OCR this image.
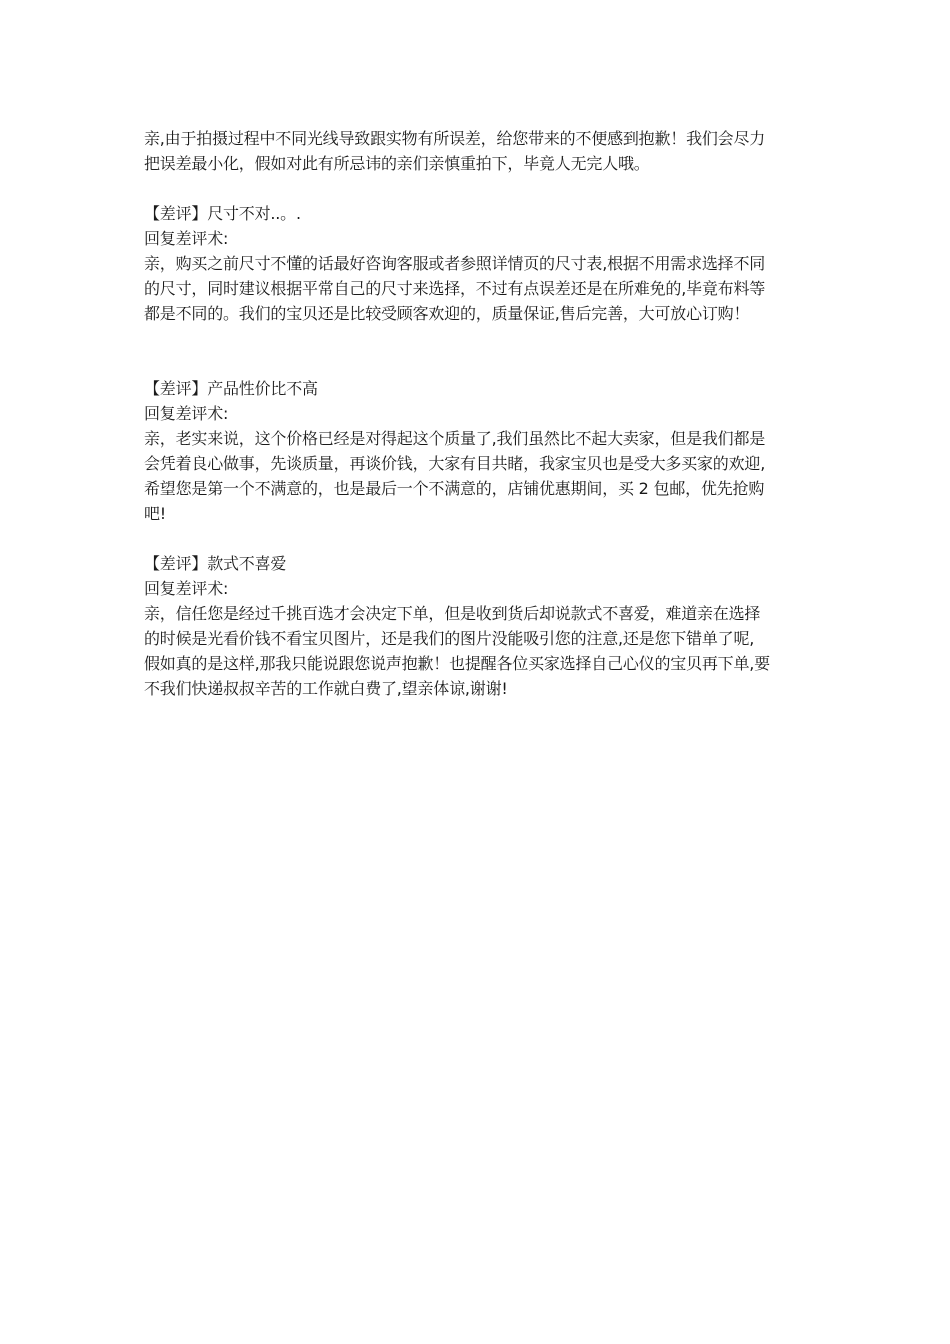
亲,由于拍摄过程中不同光线导致跟实物有所误差，给您带来的不便感到抱歉！我们会尽力
把误差最小化，假如对此有所忌讳的亲们亲慎重拍下，毕竟人无完人哦。
【差评】尺寸不对..。.
回复差评术:
亲，购买之前尺寸不懂的话最好咨询客服或者参照详情页的尺寸表,根据不用需求选择不同
的尺寸，同时建议根据平常自己的尺寸来选择，不过有点误差还是在所难免的,毕竟布料等
都是不同的。我们的宝贝还是比较受顾客欢迎的，质量保证,售后完善，大可放心订购！
【差评】产品性价比不高
回复差评术:
亲，老实来说，这个价格已经是对得起这个质量了,我们虽然比不起大卖家，但是我们都是
会凭着良心做事，先谈质量，再谈价钱，大家有目共睹，我家宝贝也是受大多买家的欢迎,
希望您是第一个不满意的，也是最后一个不满意的，店铺优惠期间，买 2 包邮，优先抢购
吧!
【差评】款式不喜爱
回复差评术:
亲，信任您是经过千挑百选才会决定下单，但是收到货后却说款式不喜爱，难道亲在选择
的时候是光看价钱不看宝贝图片，还是我们的图片没能吸引您的注意,还是您下错单了呢,
假如真的是这样,那我只能说跟您说声抱歉！也提醒各位买家选择自己心仪的宝贝再下单,要
不我们快递叔叔辛苦的工作就白费了,望亲体谅,谢谢!
